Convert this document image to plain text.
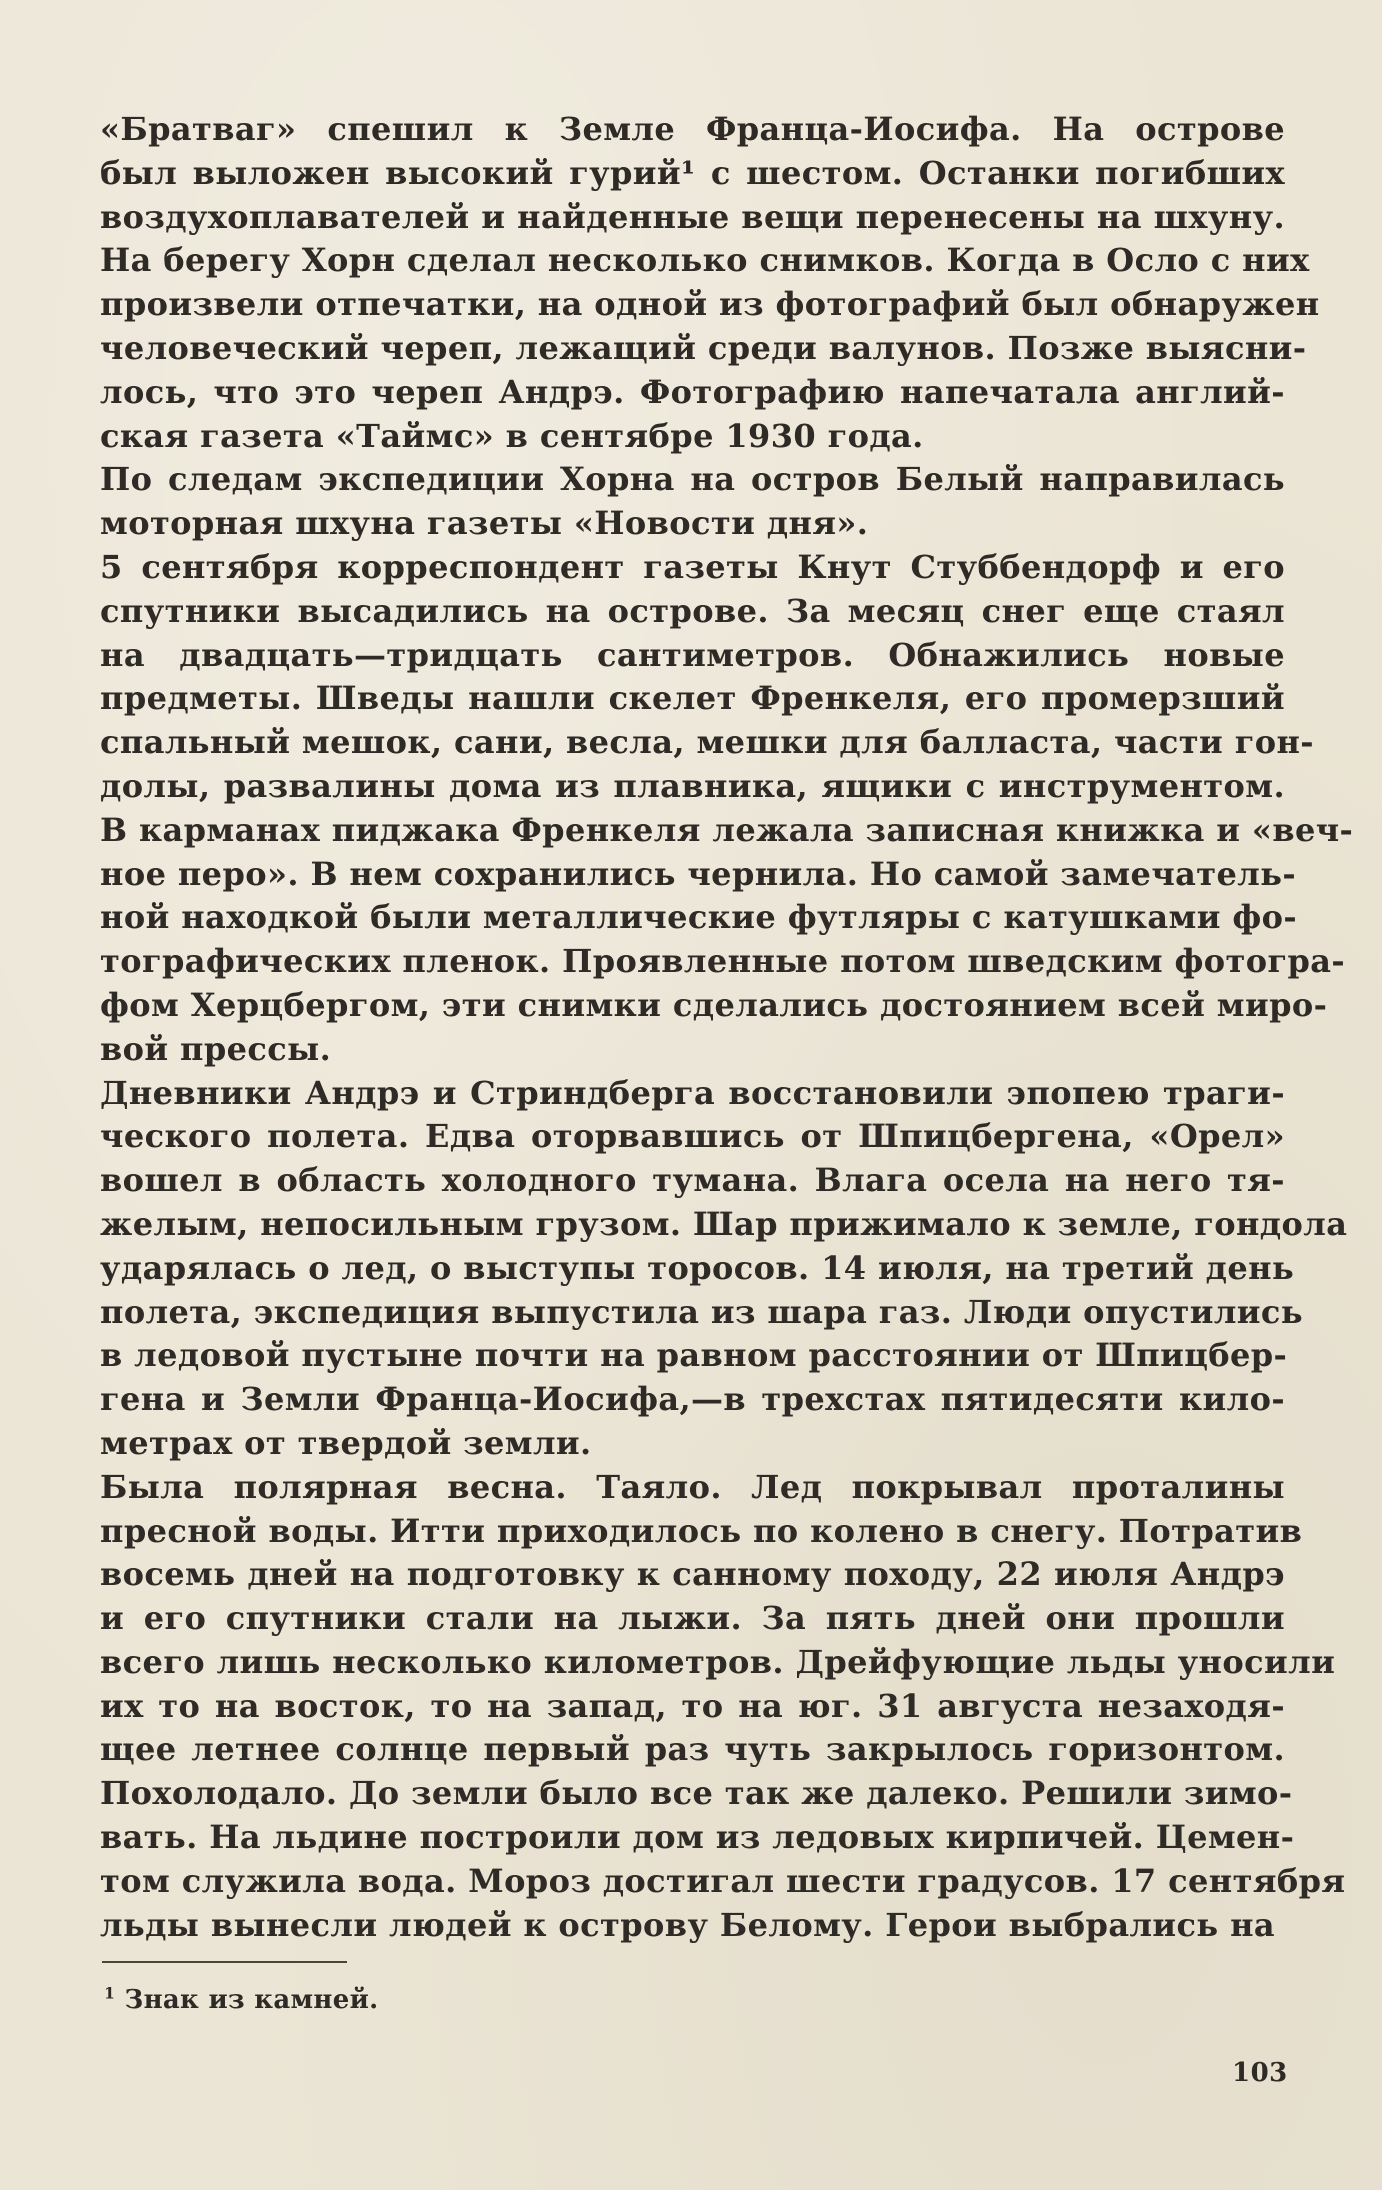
«Братваг» спешил к Земле Франца-Иосифа. На острове
был выложен высокий гурий¹ с шестом. Останки погибших
воздухоплавателей и найденные вещи перенесены на шхуну.
На берегу Хорн сделал несколько снимков. Когда в Осло с них
произвели отпечатки, на одной из фотографий был обнаружен
человеческий череп, лежащий среди валунов. Позже выясни-
лось, что это череп Андрэ. Фотографию напечатала англий-
ская газета «Таймс» в сентябре 1930 года.

По следам экспедиции Хорна на остров Белый направилась
моторная шхуна газеты «Новости дня».

5 сентября корреспондент газеты Кнут Стуббендорф и его
спутники высадились на острове. За месяц снег еще стаял
на двадцать—тридцать сантиметров. Обнажились новые
предметы. Шведы нашли скелет Френкеля, его промерзший
спальный мешок, сани, весла, мешки для балласта, части гон-
долы, развалины дома из плавника, ящики с инструментом.
В карманах пиджака Френкеля лежала записная книжка и «веч-
ное перо». В нем сохранились чернила. Но самой замечатель-
ной находкой были металлические футляры с катушками фо-
тографических пленок. Проявленные потом шведским фотогра-
фом Херцбергом, эти снимки сделались достоянием всей миро-
вой прессы.

Дневники Андрэ и Стриндберга восстановили эпопею траги-
ческого полета. Едва оторвавшись от Шпицбергена, «Орел»
вошел в область холодного тумана. Влага осела на него тя-
желым, непосильным грузом. Шар прижимало к земле, гондола
ударялась о лед, о выступы торосов. 14 июля, на третий день
полета, экспедиция выпустила из шара газ. Люди опустились
в ледовой пустыне почти на равном расстоянии от Шпицбер-
гена и Земли Франца-Иосифа,—в трехстах пятидесяти кило-
метрах от твердой земли.

Была полярная весна. Таяло. Лед покрывал проталины
пресной воды. Итти приходилось по колено в снегу. Потратив
восемь дней на подготовку к санному походу, 22 июля Андрэ
и его спутники стали на лыжи. За пять дней они прошли
всего лишь несколько километров. Дрейфующие льды уносили
их то на восток, то на запад, то на юг. 31 августа незаходя-
щее летнее солнце первый раз чуть закрылось горизонтом.
Похолодало. До земли было все так же далеко. Решили зимо-
вать. На льдине построили дом из ледовых кирпичей. Цемен-
том служила вода. Мороз достигал шести градусов. 17 сентября
льды вынесли людей к острову Белому. Герои выбрались на

$^1$ Знак из камней.
103
